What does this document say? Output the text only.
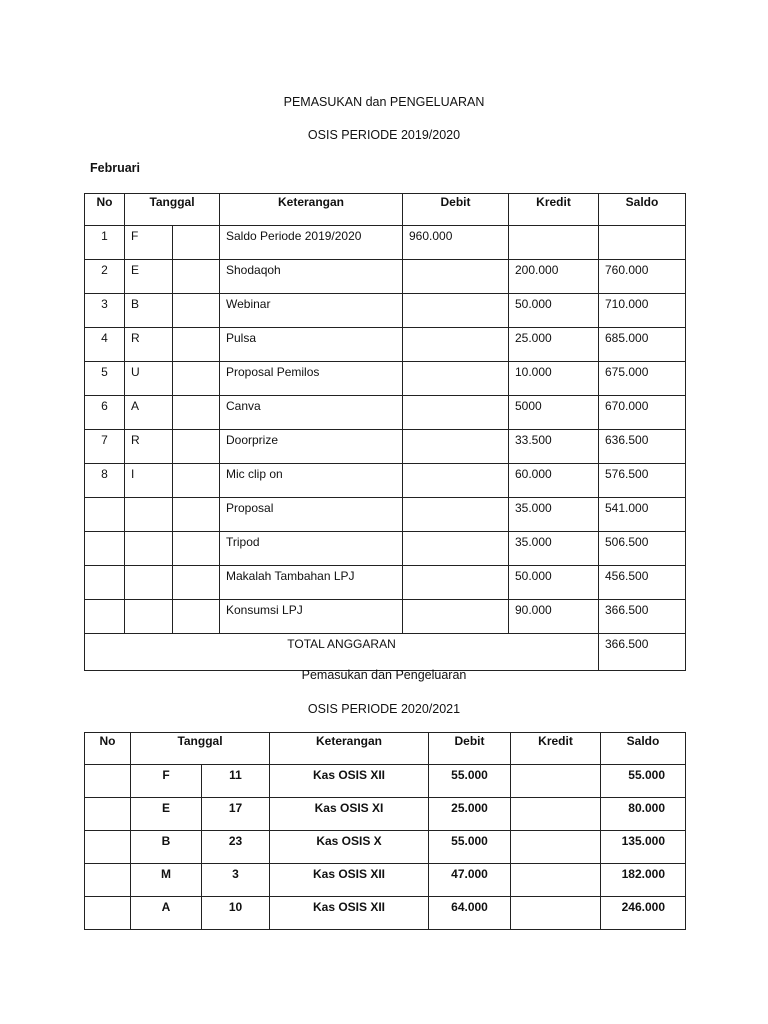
PEMASUKAN dan PENGELUARAN
OSIS PERIODE 2019/2020
Februari
No	Tanggal		Keterangan	Debit	Kredit	Saldo
1	F		Saldo Periode 2019/2020	960.000		
2	E		Shodaqoh		200.000	760.000
3	B		Webinar		50.000	710.000
4	R		Pulsa		25.000	685.000
5	U		Proposal Pemilos		10.000	675.000
6	A		Canva		5000	670.000
7	R		Doorprize		33.500	636.500
8	I		Mic clip on		60.000	576.500
			Proposal		35.000	541.000
			Tripod		35.000	506.500
			Makalah Tambahan LPJ		50.000	456.500
			Konsumsi LPJ		90.000	366.500
TOTAL ANGGARAN						366.500
Pemasukan dan Pengeluaran
OSIS PERIODE 2020/2021
No	Tanggal		Keterangan	Debit	Kredit	Saldo
	F	11	Kas OSIS XII	55.000		55.000
	E	17	Kas OSIS XI	25.000		80.000
	B	23	Kas OSIS X	55.000		135.000
	M	3	Kas OSIS XII	47.000		182.000
	A	10	Kas OSIS XII	64.000		246.000
